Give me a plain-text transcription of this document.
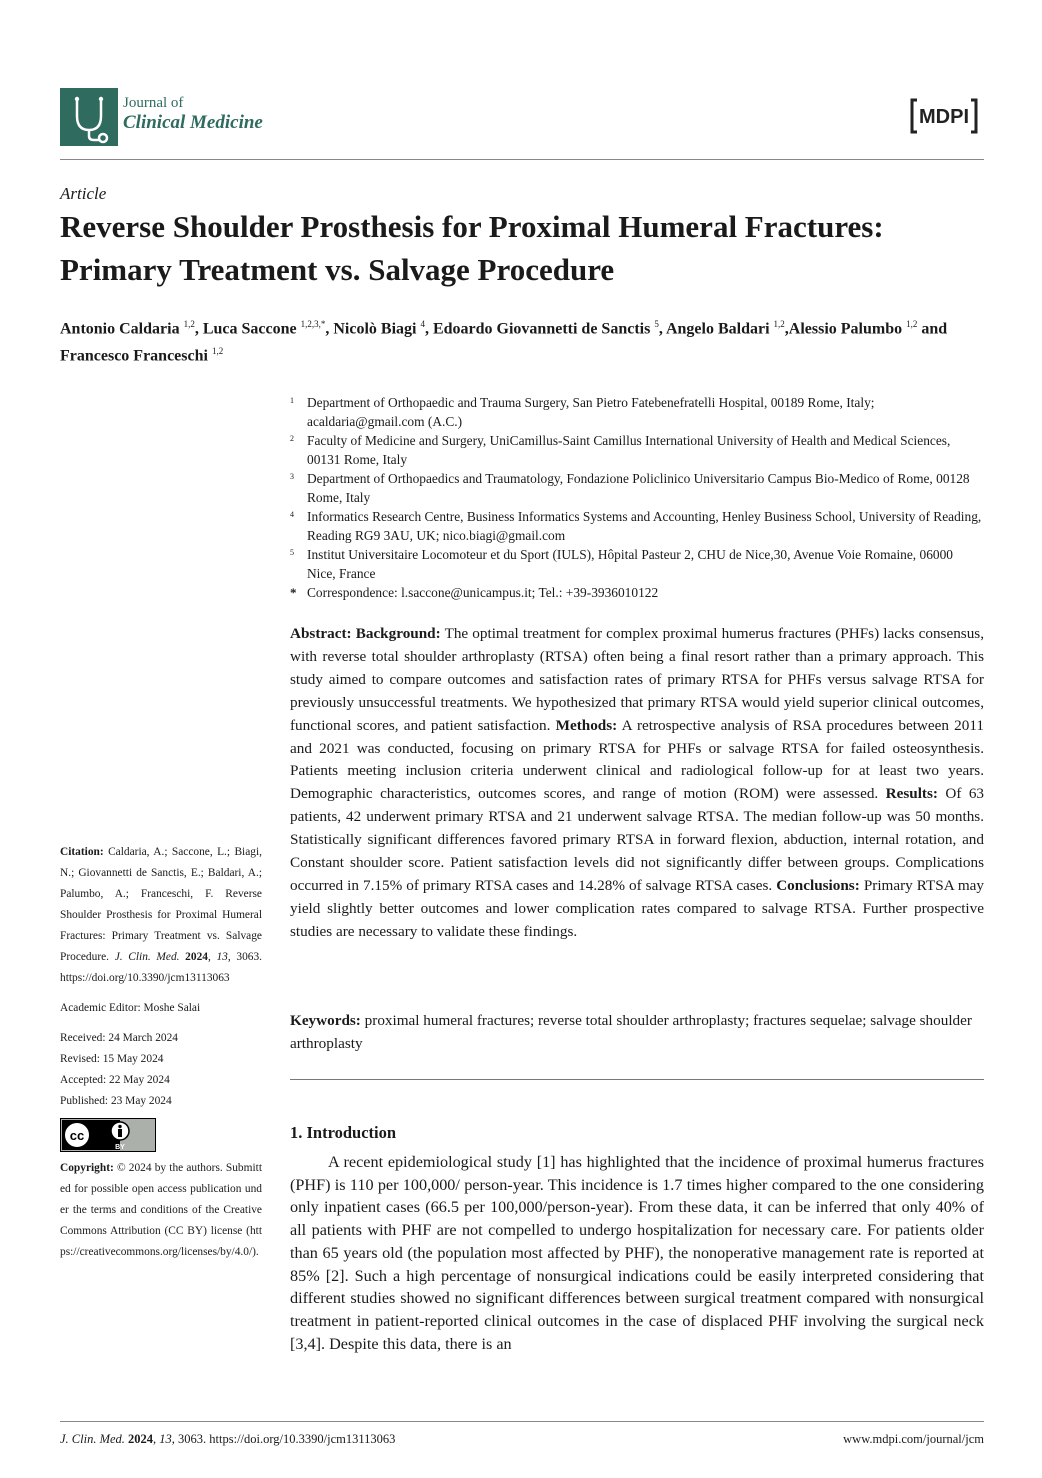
Journal of
Clinical Medicine	MDPI
Article
Reverse Shoulder Prosthesis for Proximal Humeral Fractures: Primary Treatment vs. Salvage Procedure
Antonio Caldaria $^{1,2}$, Luca Saccone $^{1,2,3,*}$, Nicolò Biagi $^4$, Edoardo Giovannetti de Sanctis $^5$, Angelo Baldari $^{1,2}$,Alessio Palumbo $^{1,2}$ and Francesco Franceschi $^{1,2}$
1 Department of Orthopaedic and Trauma Surgery, San Pietro Fatebenefratelli Hospital, 00189 Rome, Italy; acaldaria@gmail.com (A.C.)
2 Faculty of Medicine and Surgery, UniCamillus-Saint Camillus International University of Health and Medical Sciences, 00131 Rome, Italy
3 Department of Orthopaedics and Traumatology, Fondazione Policlinico Universitario Campus Bio-Medico of Rome, 00128 Rome, Italy
4 Informatics Research Centre, Business Informatics Systems and Accounting, Henley Business School, University of Reading, Reading RG9 3AU, UK; nico.biagi@gmail.com
5 Institut Universitaire Locomoteur et du Sport (IULS), Hôpital Pasteur 2, CHU de Nice,30, Avenue Voie Romaine, 06000 Nice, France
* Correspondence: l.saccone@unicampus.it; Tel.: +39-3936010122
Abstract: Background: The optimal treatment for complex proximal humerus fractures (PHFs) lacks consensus, with reverse total shoulder arthroplasty (RTSA) often being a final resort rather than a primary approach. This study aimed to compare outcomes and satisfaction rates of primary RTSA for PHFs versus salvage RTSA for previously unsuccessful treatments. We hypothesized that primary RTSA would yield superior clinical outcomes, functional scores, and patient satisfaction. Methods: A retrospective analysis of RSA procedures between 2011 and 2021 was conducted, focusing on primary RTSA for PHFs or salvage RTSA for failed osteosynthesis. Patients meeting inclusion criteria underwent clinical and radiological follow-up for at least two years. Demographic characteristics, outcomes scores, and range of motion (ROM) were assessed. Results: Of 63 patients, 42 underwent primary RTSA and 21 underwent salvage RTSA. The median follow-up was 50 months. Statistically significant differences favored primary RTSA in forward flexion, abduction, internal rotation, and Constant shoulder score. Patient satisfaction levels did not significantly differ between groups. Complications occurred in 7.15% of primary RTSA cases and 14.28% of salvage RTSA cases. Conclusions: Primary RTSA may yield slightly better outcomes and lower complication rates compared to salvage RTSA. Further prospective studies are necessary to validate these findings.
Keywords: proximal humeral fractures; reverse total shoulder arthroplasty; fractures sequelae; salvage shoulder arthroplasty
1. Introduction
A recent epidemiological study [1] has highlighted that the incidence of proximal humerus fractures (PHF) is 110 per 100,000/ person-year. This incidence is 1.7 times higher compared to the one considering only inpatient cases (66.5 per 100,000/person-year). From these data, it can be inferred that only 40% of all patients with PHF are not compelled to undergo hospitalization for necessary care. For patients older than 65 years old (the population most affected by PHF), the nonoperative management rate is reported at 85% [2]. Such a high percentage of nonsurgical indications could be easily interpreted considering that different studies showed no significant differences between surgical treatment compared with nonsurgical treatment in patient-reported clinical outcomes in the case of displaced PHF involving the surgical neck [3,4]. Despite this data, there is an
Citation: Caldaria, A.; Saccone, L.; Biagi, N.; Giovannetti de Sanctis, E.; Baldari, A.; Palumbo, A.; Franceschi, F. Reverse Shoulder Prosthesis for Proximal Humeral Fractures: Primary Treatment vs. Salvage Procedure. J. Clin. Med. 2024, 13, 3063. https://doi.org/10.3390/jcm13113063
Academic Editor: Moshe Salai
Received: 24 March 2024
Revised: 15 May 2024
Accepted: 22 May 2024
Published: 23 May 2024
cc
BY
Copyright: © 2024 by the authors. Submitted for possible open access publication under the terms and conditions of the Creative Commons Attribution (CC BY) license (https://creativecommons.org/licenses/by/4.0/).
J. Clin. Med. 2024, 13, 3063. https://doi.org/10.3390/jcm13113063	www.mdpi.com/journal/jcm
